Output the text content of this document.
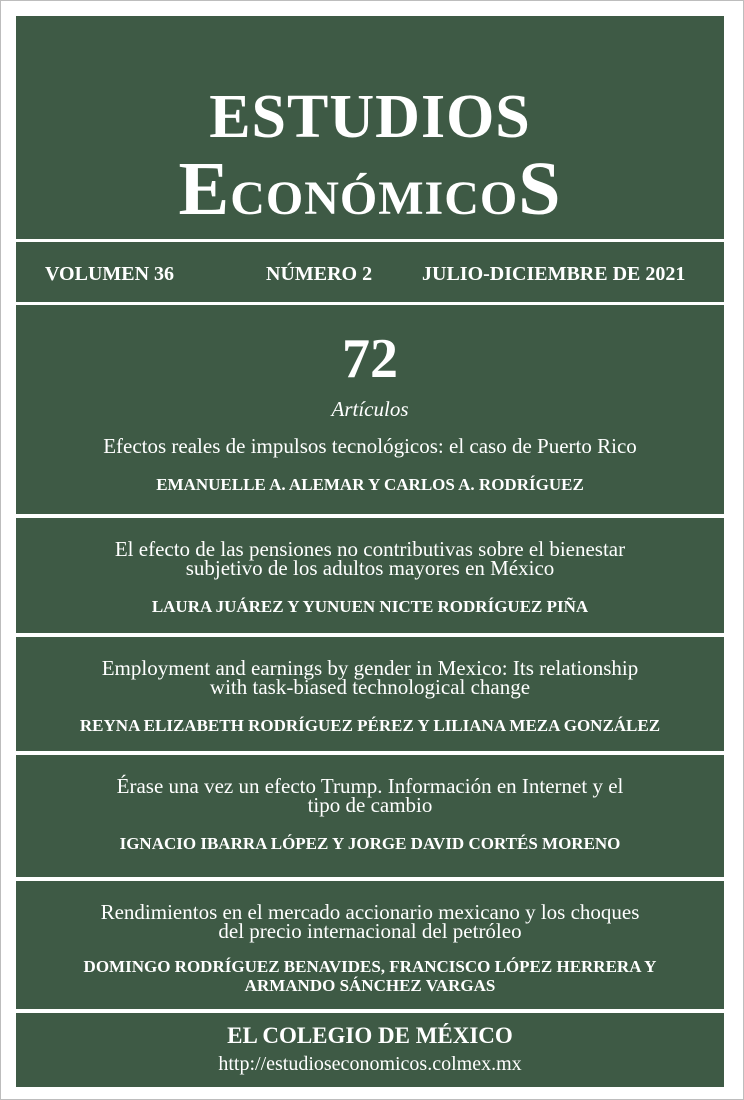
ESTUDIOS
ECONÓMICOS
VOLUMEN 36	NÚMERO 2 JULIO-DICIEMBRE DE 2021
72
Artículos
Efectos reales de impulsos tecnológicos: el caso de Puerto Rico
EMANUELLE A. ALEMAR Y CARLOS A. RODRÍGUEZ
El efecto de las pensiones no contributivas sobre el bienestar
subjetivo de los adultos mayores en México
LAURA JUÁREZ Y YUNUEN NICTE RODRÍGUEZ PIÑA
Employment and earnings by gender in Mexico: Its relationship
with task-biased technological change
REYNA ELIZABETH RODRÍGUEZ PÉREZ Y LILIANA MEZA GONZÁLEZ
Érase una vez un efecto Trump. Información en Internet y el
tipo de cambio
IGNACIO IBARRA LÓPEZ Y JORGE DAVID CORTÉS MORENO
Rendimientos en el mercado accionario mexicano y los choques
del precio internacional del petróleo
DOMINGO RODRÍGUEZ BENAVIDES, FRANCISCO LÓPEZ HERRERA Y
ARMANDO SÁNCHEZ VARGAS
EL COLEGIO DE MÉXICO
http://estudioseconomicos.colmex.mx
